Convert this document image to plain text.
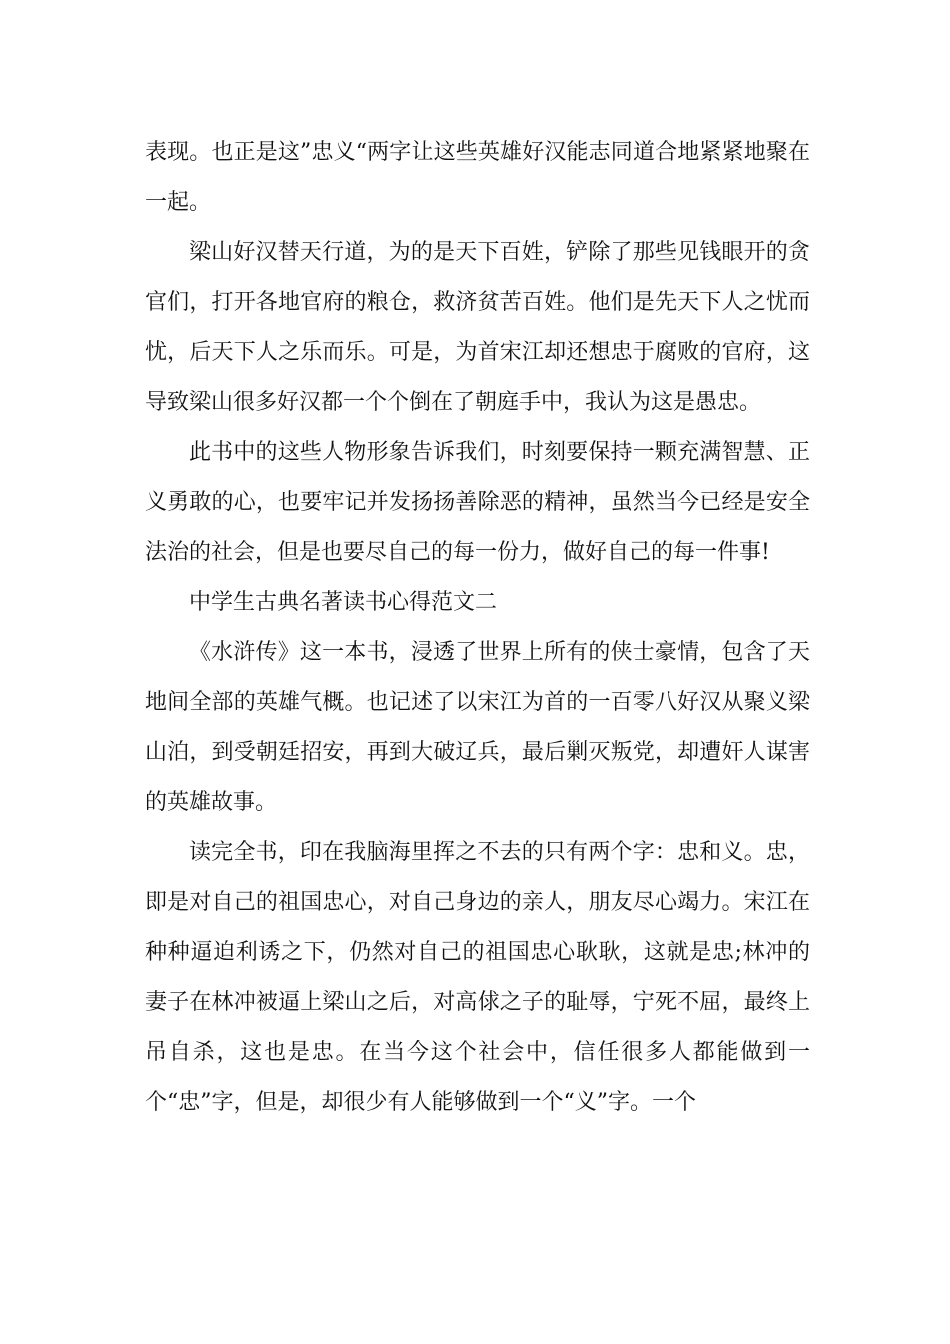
表现。也正是这”忠义“两字让这些英雄好汉能志同道合地紧紧地聚在一起。

梁山好汉替天行道，为的是天下百姓，铲除了那些见钱眼开的贪官们，打开各地官府的粮仓，救济贫苦百姓。他们是先天下人之忧而忧，后天下人之乐而乐。可是，为首宋江却还想忠于腐败的官府，这导致梁山很多好汉都一个个倒在了朝庭手中，我认为这是愚忠。

此书中的这些人物形象告诉我们，时刻要保持一颗充满智慧、正义勇敢的心，也要牢记并发扬扬善除恶的精神，虽然当今已经是安全法治的社会，但是也要尽自己的每一份力，做好自己的每一件事!

中学生古典名著读书心得范文二

《水浒传》这一本书，浸透了世界上所有的侠士豪情，包含了天地间全部的英雄气概。也记述了以宋江为首的一百零八好汉从聚义梁山泊，到受朝廷招安，再到大破辽兵，最后剿灭叛党，却遭奸人谋害的英雄故事。

读完全书，印在我脑海里挥之不去的只有两个字：忠和义。忠，即是对自己的祖国忠心，对自己身边的亲人，朋友尽心竭力。宋江在种种逼迫利诱之下，仍然对自己的祖国忠心耿耿，这就是忠;林冲的妻子在林冲被逼上梁山之后，对高俅之子的耻辱，宁死不屈，最终上吊自杀，这也是忠。在当今这个社会中，信任很多人都能做到一个“忠”字，但是，却很少有人能够做到一个“义”字。一个
